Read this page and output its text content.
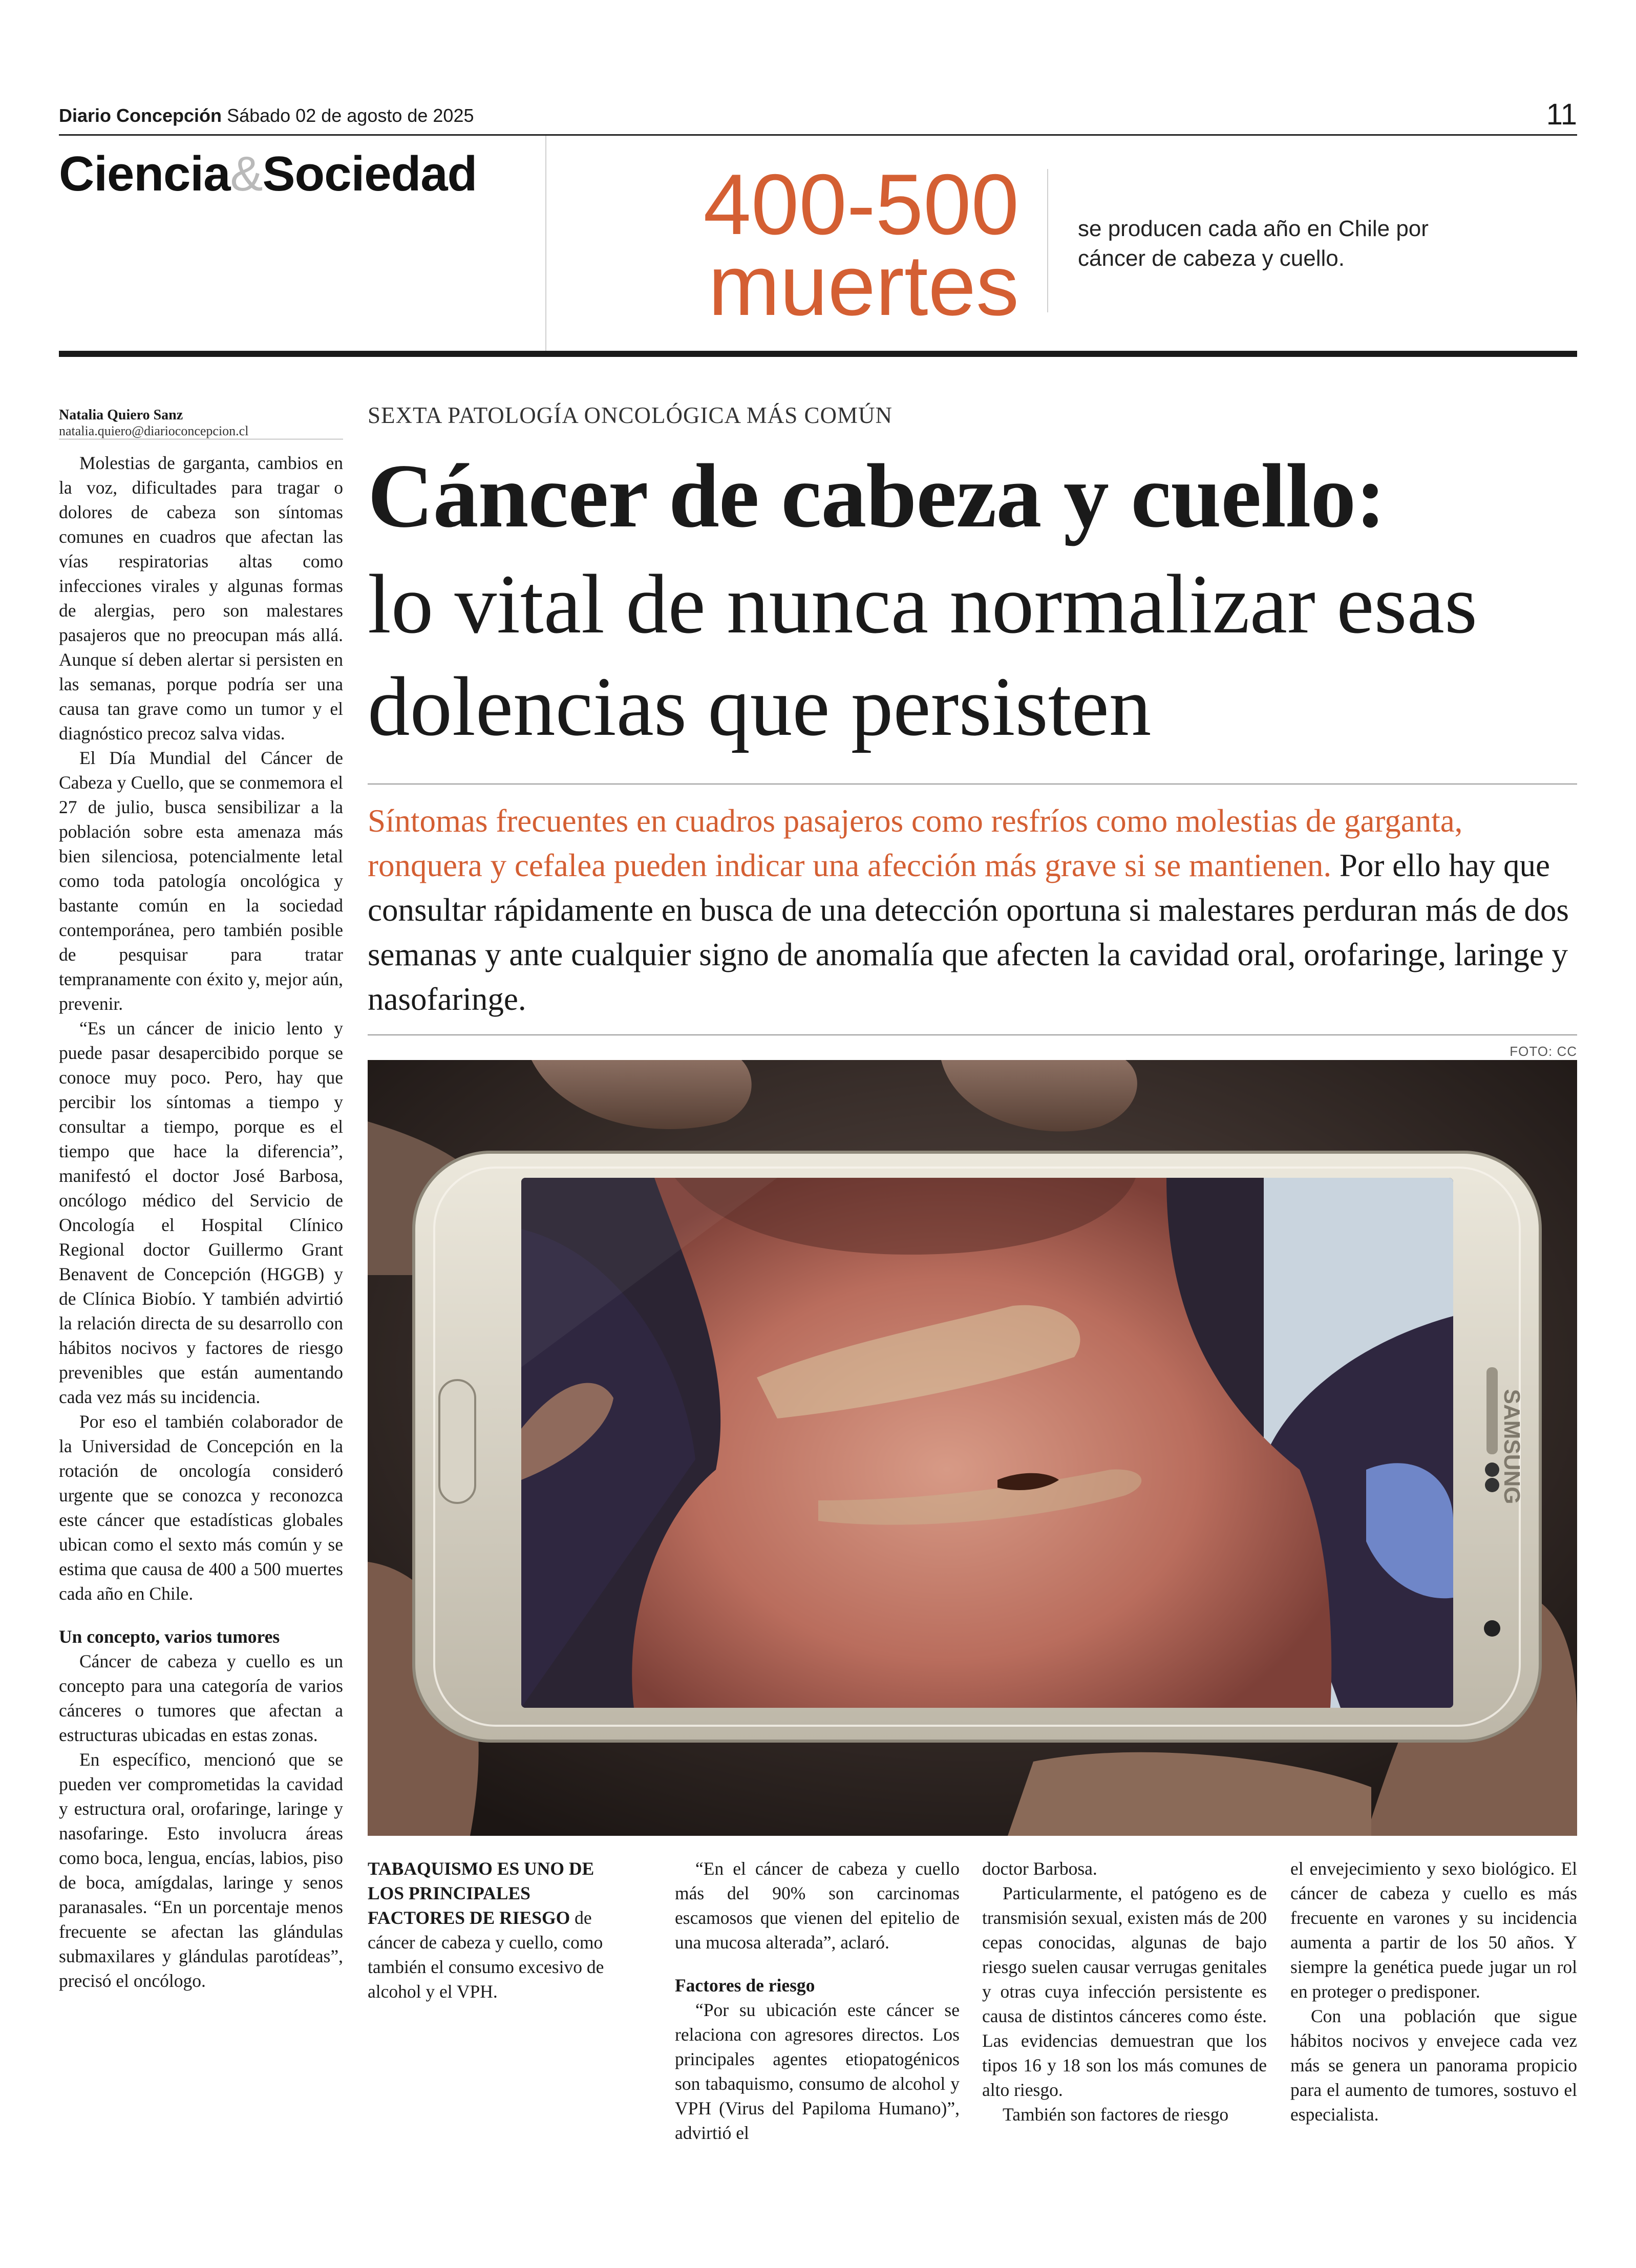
Diario Concepción Sábado 02 de agosto de 2025	11
Ciencia&Sociedad	400-500
muertes
se producen cada año en Chile por cáncer de cabeza y cuello.
Natalia Quiero Sanz
natalia.quiero@diarioconcepcion.cl

Molestias de garganta, cambios en la voz, dificultades para tragar o dolores de cabeza son síntomas comunes en cuadros que afectan las vías respiratorias altas como infecciones virales y algunas formas de alergias, pero son malestares pasajeros que no preocupan más allá. Aunque sí deben alertar si persisten en las semanas, porque podría ser una causa tan grave como un tumor y el diagnóstico precoz salva vidas.

El Día Mundial del Cáncer de Cabeza y Cuello, que se conmemora el 27 de julio, busca sensibilizar a la población sobre esta amenaza más bien silenciosa, potencialmente letal como toda patología oncológica y bastante común en la sociedad contemporánea, pero también posible de pesquisar para tratar tempranamente con éxito y, mejor aún, prevenir.

“Es un cáncer de inicio lento y puede pasar desapercibido porque se conoce muy poco. Pero, hay que percibir los síntomas a tiempo y consultar a tiempo, porque es el tiempo que hace la diferencia”, manifestó el doctor José Barbosa, oncólogo médico del Servicio de Oncología el Hospital Clínico Regional doctor Guillermo Grant Benavent de Concepción (HGGB) y de Clínica Biobío. Y también advirtió la relación directa de su desarrollo con hábitos nocivos y factores de riesgo prevenibles que están aumentando cada vez más su incidencia.

Por eso el también colaborador de la Universidad de Concepción en la rotación de oncología consideró urgente que se conozca y reconozca este cáncer que estadísticas globales ubican como el sexto más común y se estima que causa de 400 a 500 muertes cada año en Chile.

Un concepto, varios tumores

Cáncer de cabeza y cuello es un concepto para una categoría de varios cánceres o tumores que afectan a estructuras ubicadas en estas zonas.

En específico, mencionó que se pueden ver comprometidas la cavidad y estructura oral, orofaringe, laringe y nasofaringe. Esto involucra áreas como boca, lengua, encías, labios, piso de boca, amígdalas, laringe y senos paranasales. “En un porcentaje menos frecuente se afectan las glándulas submaxilares y glándulas parotídeas”, precisó el oncólogo.

SEXTA PATOLOGÍA ONCOLÓGICA MÁS COMÚN
Cáncer de cabeza y cuello:
lo vital de nunca normalizar esas dolencias que persisten
Síntomas frecuentes en cuadros pasajeros como resfríos como molestias de garganta, ronquera y cefalea pueden indicar una afección más grave si se mantienen. Por ello hay que consultar rápidamente en busca de una detección oportuna si malestares perduran más de dos semanas y ante cualquier signo de anomalía que afecten la cavidad oral, orofaringe, laringe y nasofaringe.
FOTO: CC
SAMSUNG
TABAQUISMO ES UNO DE LOS PRINCIPALES FACTORES DE RIESGO de cáncer de cabeza y cuello, como también el consumo excesivo de alcohol y el VPH.

“En el cáncer de cabeza y cuello más del 90% son carcinomas escamosos que vienen del epitelio de una mucosa alterada”, aclaró.

Factores de riesgo

“Por su ubicación este cáncer se relaciona con agresores directos. Los principales agentes etiopatogénicos son tabaquismo, consumo de alcohol y VPH (Virus del Papiloma Humano)”, advirtió el

doctor Barbosa.

Particularmente, el patógeno es de transmisión sexual, existen más de 200 cepas conocidas, algunas de bajo riesgo suelen causar verrugas genitales y otras cuya infección persistente es causa de distintos cánceres como éste. Las evidencias demuestran que los tipos 16 y 18 son los más comunes de alto riesgo.

También son factores de riesgo

el envejecimiento y sexo biológico. El cáncer de cabeza y cuello es más frecuente en varones y su incidencia aumenta a partir de los 50 años. Y siempre la genética puede jugar un rol en proteger o predisponer.

Con una población que sigue hábitos nocivos y envejece cada vez más se genera un panorama propicio para el aumento de tumores, sostuvo el especialista.
